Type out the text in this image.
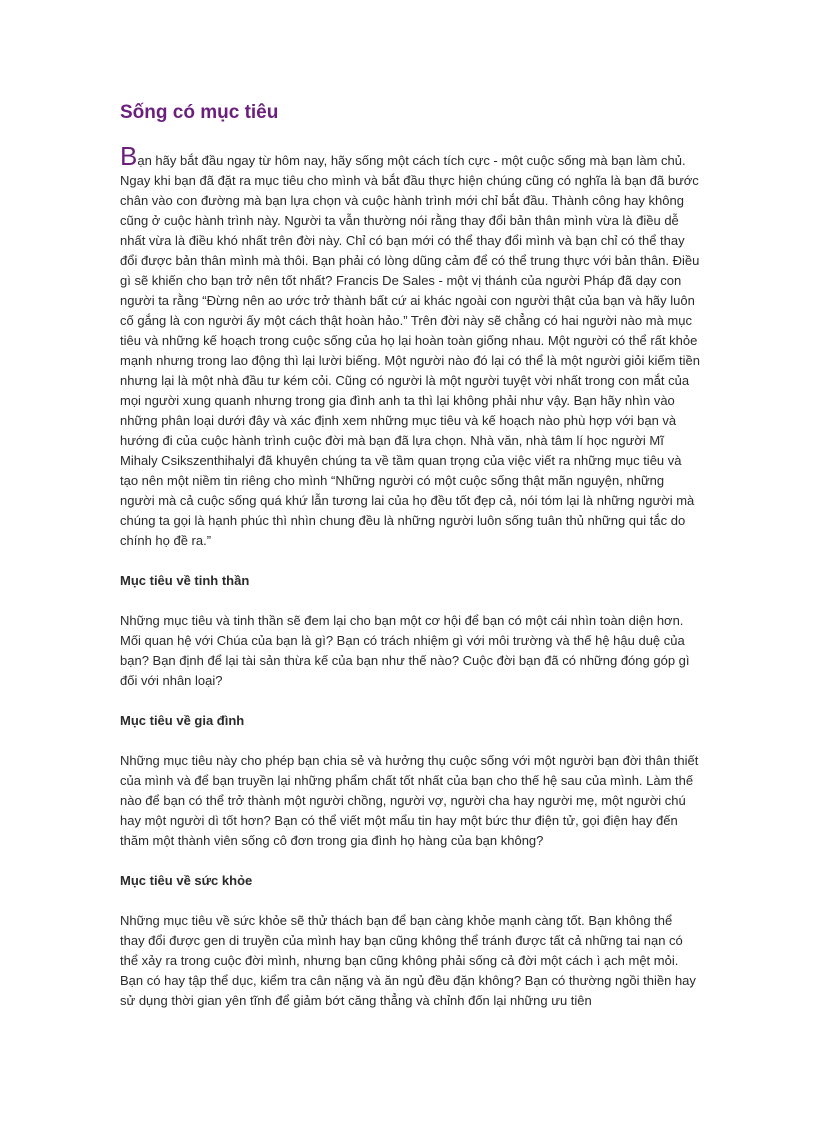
Sống có mục tiêu

Bạn hãy bắt đầu ngay từ hôm nay, hãy sống một cách tích cực - một cuộc sống mà bạn làm chủ. Ngay khi bạn đã đặt ra mục tiêu cho mình và bắt đầu thực hiện chúng cũng có nghĩa là bạn đã bước chân vào con đường mà bạn lựa chọn và cuộc hành trình mới chỉ bắt đầu. Thành công hay không cũng ở cuộc hành trình này. Người ta vẫn thường nói rằng thay đổi bản thân mình vừa là điều dễ nhất vừa là điều khó nhất trên đời này. Chỉ có bạn mới có thể thay đổi mình và bạn chỉ có thể thay đổi được bản thân mình mà thôi. Bạn phải có lòng dũng cảm để có thể trung thực với bản thân. Điều gì sẽ khiến cho bạn trở nên tốt nhất? Francis De Sales - một vị thánh của người Pháp đã dạy con người ta rằng “Đừng nên ao ước trở thành bất cứ ai khác ngoài con người thật của bạn và hãy luôn cố gắng là con người ấy một cách thật hoàn hảo.” Trên đời này sẽ chẳng có hai người nào mà mục tiêu và những kế hoạch trong cuộc sống của họ lại hoàn toàn giống nhau. Một người có thể rất khỏe mạnh nhưng trong lao động thì lại lười biếng. Một người nào đó lại có thể là một người giỏi kiếm tiền nhưng lại là một nhà đầu tư kém cỏi. Cũng có người là một người tuyệt vời nhất trong con mắt của mọi người xung quanh nhưng trong gia đình anh ta thì lại không phải như vậy. Bạn hãy nhìn vào những phân loại dưới đây và xác định xem những mục tiêu và kế hoạch nào phù hợp với bạn và hướng đi của cuộc hành trình cuộc đời mà bạn đã lựa chọn. Nhà văn, nhà tâm lí học người Mĩ Mihaly Csikszenthihalyi đã khuyên chúng ta về tầm quan trọng của việc viết ra những mục tiêu và tạo nên một niềm tin riêng cho mình “Những người có một cuộc sống thật mãn nguyện, những người mà cả cuộc sống quá khứ lẫn tương lai của họ đều tốt đẹp cả, nói tóm lại là những người mà chúng ta gọi là hạnh phúc thì nhìn chung đều là những người luôn sống tuân thủ những qui tắc do chính họ đề ra.”

Mục tiêu về tinh thần

Những mục tiêu và tinh thần sẽ đem lại cho bạn một cơ hội để bạn có một cái nhìn toàn diện hơn. Mối quan hệ với Chúa của bạn là gì? Bạn có trách nhiệm gì với môi trường và thế hệ hậu duệ của bạn? Bạn định để lại tài sản thừa kế của bạn như thế nào? Cuộc đời bạn đã có những đóng góp gì đối với nhân loại?

Mục tiêu về gia đình

Những mục tiêu này cho phép bạn chia sẻ và hưởng thụ cuộc sống với một người bạn đời thân thiết của mình và để bạn truyền lại những phẩm chất tốt nhất của bạn cho thế hệ sau của mình. Làm thế nào để bạn có thể trở thành một người chồng, người vợ, người cha hay người mẹ, một người chú hay một người dì tốt hơn? Bạn có thể viết một mẩu tin hay một bức thư điện tử, gọi điện hay đến thăm một thành viên sống cô đơn trong gia đình họ hàng của bạn không?

Mục tiêu về sức khỏe

Những mục tiêu về sức khỏe sẽ thử thách bạn để bạn càng khỏe mạnh càng tốt. Bạn không thể thay đổi được gen di truyền của mình hay bạn cũng không thể tránh được tất cả những tai nạn có thể xảy ra trong cuộc đời mình, nhưng bạn cũng không phải sống cả đời một cách ì ạch mệt mỏi. Bạn có hay tập thể dục, kiểm tra cân nặng và ăn ngủ đều đặn không? Bạn có thường ngồi thiền hay sử dụng thời gian yên tĩnh để giảm bớt căng thẳng và chỉnh đốn lại những ưu tiên
